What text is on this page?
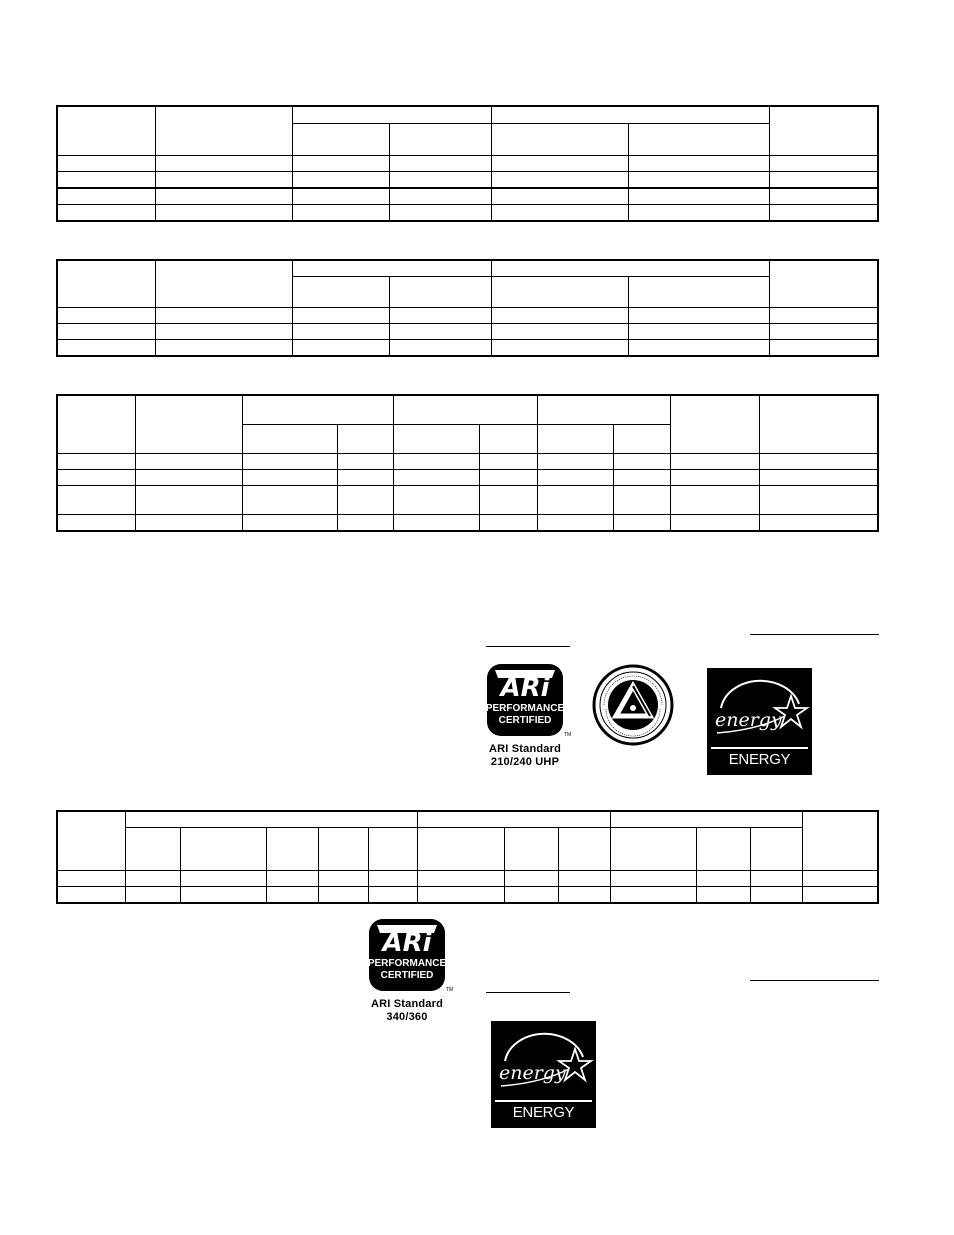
ARi
PERFORMANCE
CERTIFIED
TM
ARI Standard
210/240 UHP
energy
ENERGY STAR

ARi
PERFORMANCE
CERTIFIED
TM
ARI Standard
340/360
energy
ENERGY STAR
